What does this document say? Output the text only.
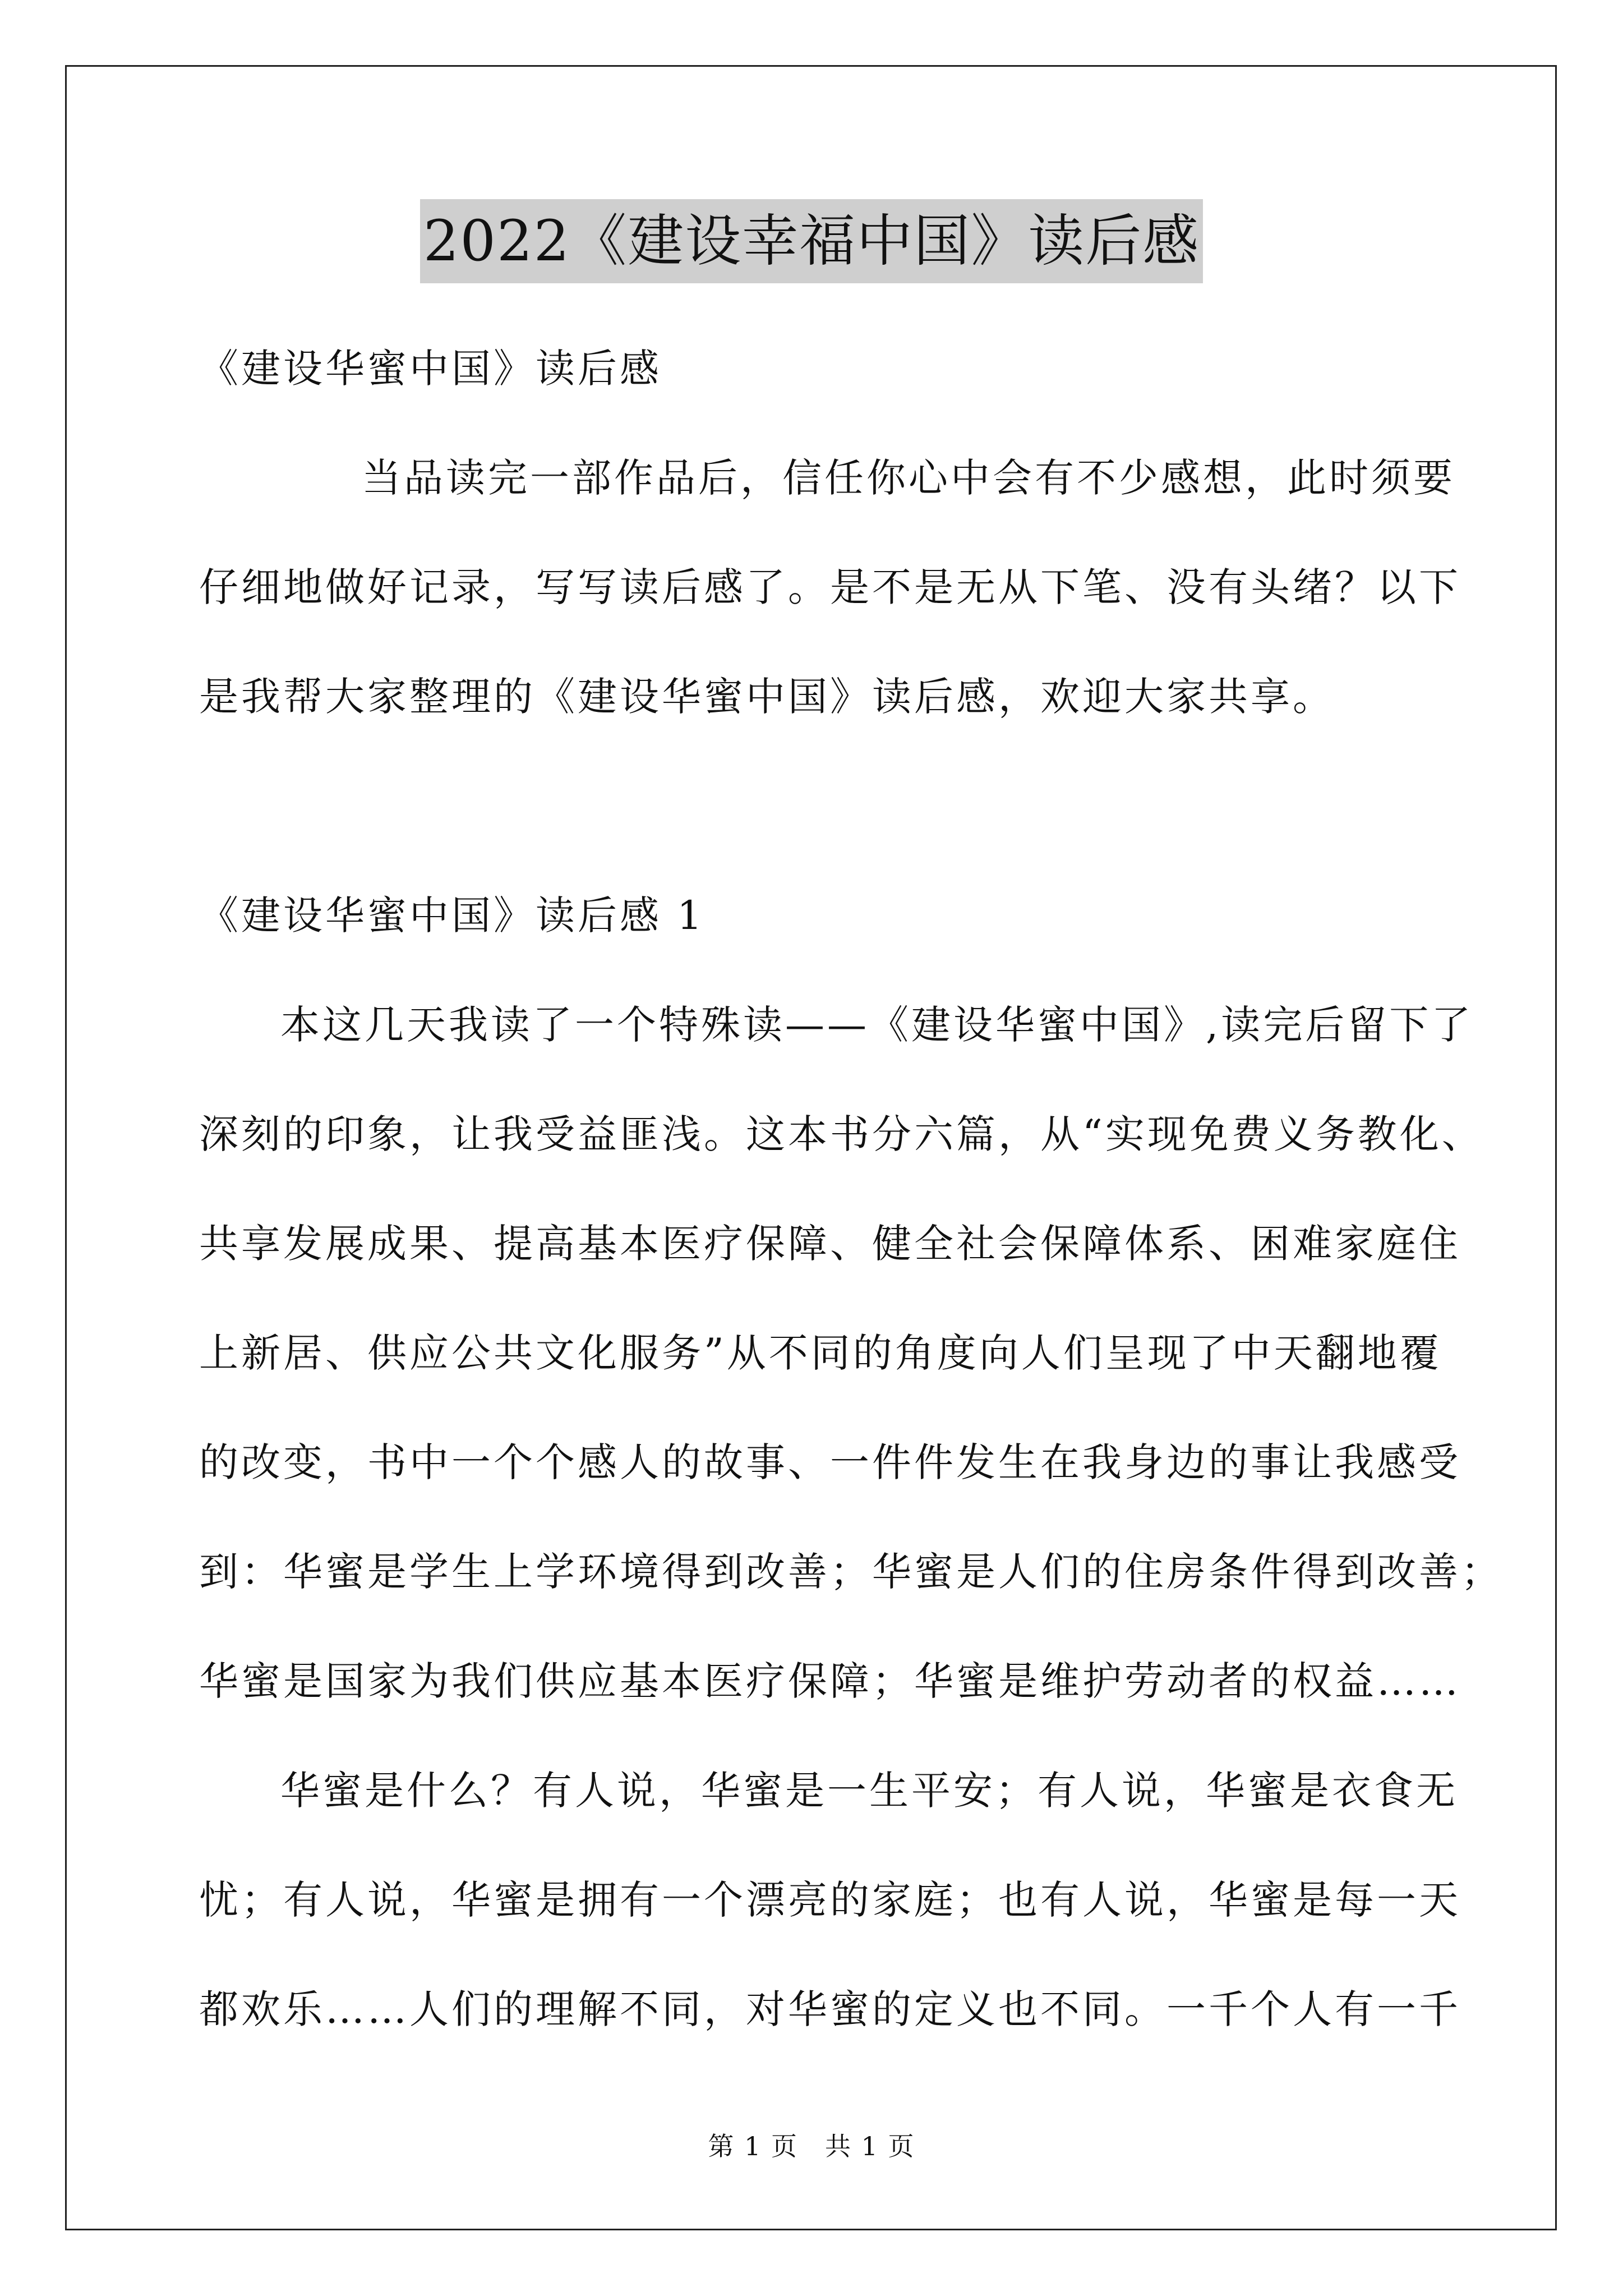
2022《建设幸福中国》读后感
《建设华蜜中国》读后感
当品读完一部作品后，信任你心中会有不少感想，此时须要
仔细地做好记录，写写读后感了。是不是无从下笔、没有头绪？以下
是我帮大家整理的《建设华蜜中国》读后感，欢迎大家共享。
《建设华蜜中国》读后感 1
本这几天我读了一个特殊读——《建设华蜜中国》,读完后留下了
深刻的印象，让我受益匪浅。这本书分六篇，从“实现免费义务教化、
共享发展成果、提高基本医疗保障、健全社会保障体系、困难家庭住
上新居、供应公共文化服务”从不同的角度向人们呈现了中天翻地覆
的改变，书中一个个感人的故事、一件件发生在我身边的事让我感受
到：华蜜是学生上学环境得到改善；华蜜是人们的住房条件得到改善；
华蜜是国家为我们供应基本医疗保障；华蜜是维护劳动者的权益……
华蜜是什么？有人说，华蜜是一生平安；有人说，华蜜是衣食无
忧；有人说，华蜜是拥有一个漂亮的家庭；也有人说，华蜜是每一天
都欢乐……人们的理解不同，对华蜜的定义也不同。一千个人有一千
第 1 页　共 1 页
